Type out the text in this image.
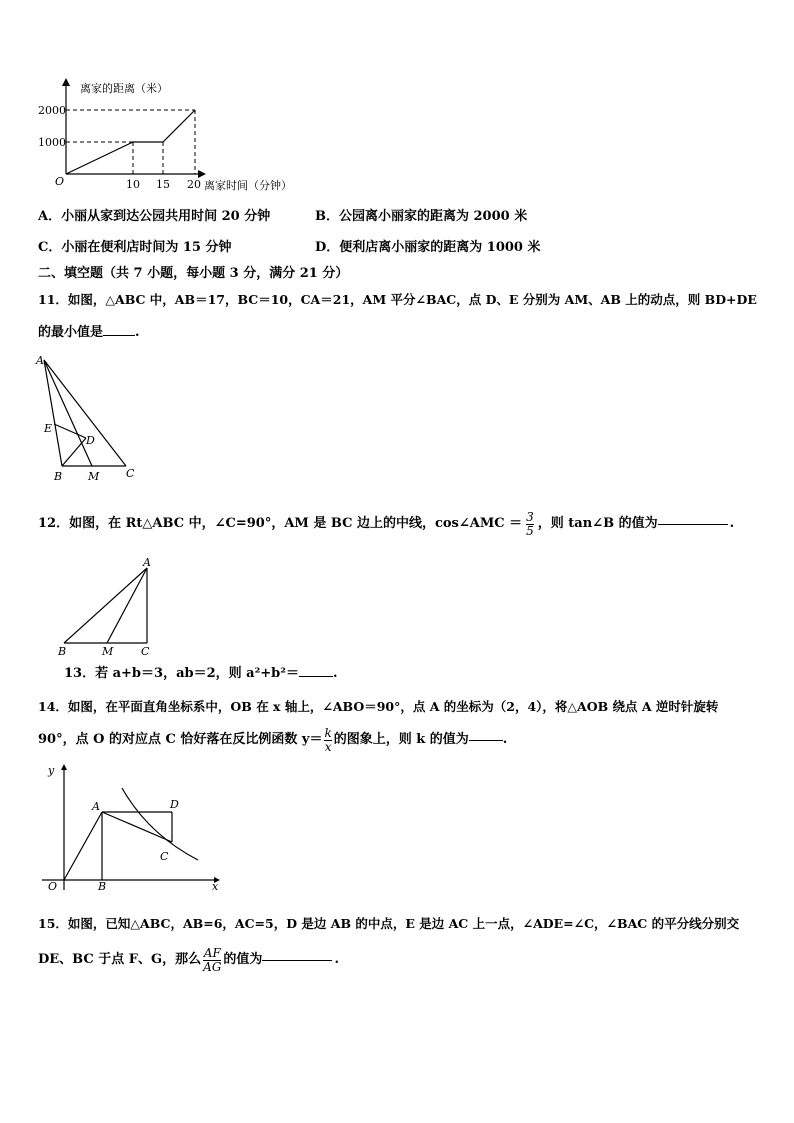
离家的距离（米）
2000
1000
O	10 15 20 离家时间（分钟）
A．小丽从家到达公园共用时间 20 分钟	B．公园离小丽家的距离为 2000 米
C．小丽在便利店时间为 15 分钟	D．便利店离小丽家的距离为 1000 米
二、填空题（共 7 小题，每小题 3 分，满分 21 分）
11．如图，△ABC 中，AB＝17，BC＝10，CA＝21，AM 平分∠BAC，点 D、E 分别为 AM、AB 上的动点，则 BD+DE
的最小值是 .
A
E
D
B M C
12．如图，在 Rt△ABC 中，∠C=90°，AM 是 BC 边上的中线，cos∠AMC ＝ $\frac{3}{5}$ ，则 tan∠B 的值为	.
A
B	M	C
13．若 a+b＝3，ab＝2，则 a²+b²＝	.
14．如图，在平面直角坐标系中，OB 在 x 轴上，∠ABO＝90°，点 A 的坐标为（2，4），将△AOB 绕点 A 逆时针旋转
90°，点 O 的对应点 C 恰好落在反比例函数 $y= \frac{k}{x}$ 的图象上，则 k 的值为	.
y
x
O
A
B
D
C
15．如图，已知△ABC，AB=6，AC=5，D 是边 AB 的中点，E 是边 AC 上一点，∠ADE=∠C，∠BAC 的平分线分别交
DE、BC 于点 F、G，那么 $\frac{AF}{AG}$ 的值为	.
